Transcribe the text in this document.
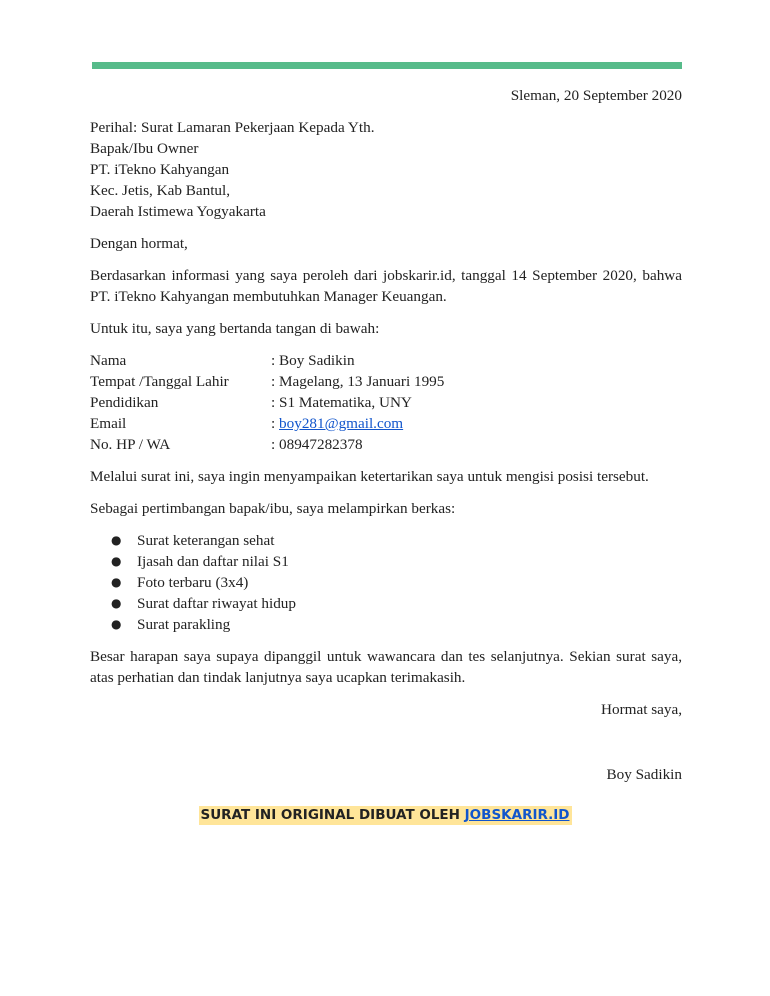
Sleman, 20 September 2020
Perihal: Surat Lamaran Pekerjaan Kepada Yth.
Bapak/Ibu Owner
PT. iTekno Kahyangan
Kec. Jetis, Kab Bantul,
Daerah Istimewa Yogyakarta
Dengan hormat,
Berdasarkan informasi yang saya peroleh dari jobskarir.id, tanggal 14 September 2020, bahwa PT. iTekno Kahyangan membutuhkan Manager Keuangan.
Untuk itu, saya yang bertanda tangan di bawah:
Nama	: Boy Sadikin
Tempat /Tanggal Lahir	: Magelang, 13 Januari 1995
Pendidikan	: S1 Matematika, UNY
Email	: boy281@gmail.com
No. HP / WA	: 08947282378
Melalui surat ini, saya ingin menyampaikan ketertarikan saya untuk mengisi posisi tersebut.
Sebagai pertimbangan bapak/ibu, saya melampirkan berkas:
●	Surat keterangan sehat
●	Ijasah dan daftar nilai S1
●	Foto terbaru (3x4)
●	Surat daftar riwayat hidup
●	Surat parakling
Besar harapan saya supaya dipanggil untuk wawancara dan tes selanjutnya. Sekian surat saya, atas perhatian dan tindak lanjutnya saya ucapkan terimakasih.
Hormat saya,
Boy Sadikin
SURAT INI ORIGINAL DIBUAT OLEH JOBSKARIR.ID
